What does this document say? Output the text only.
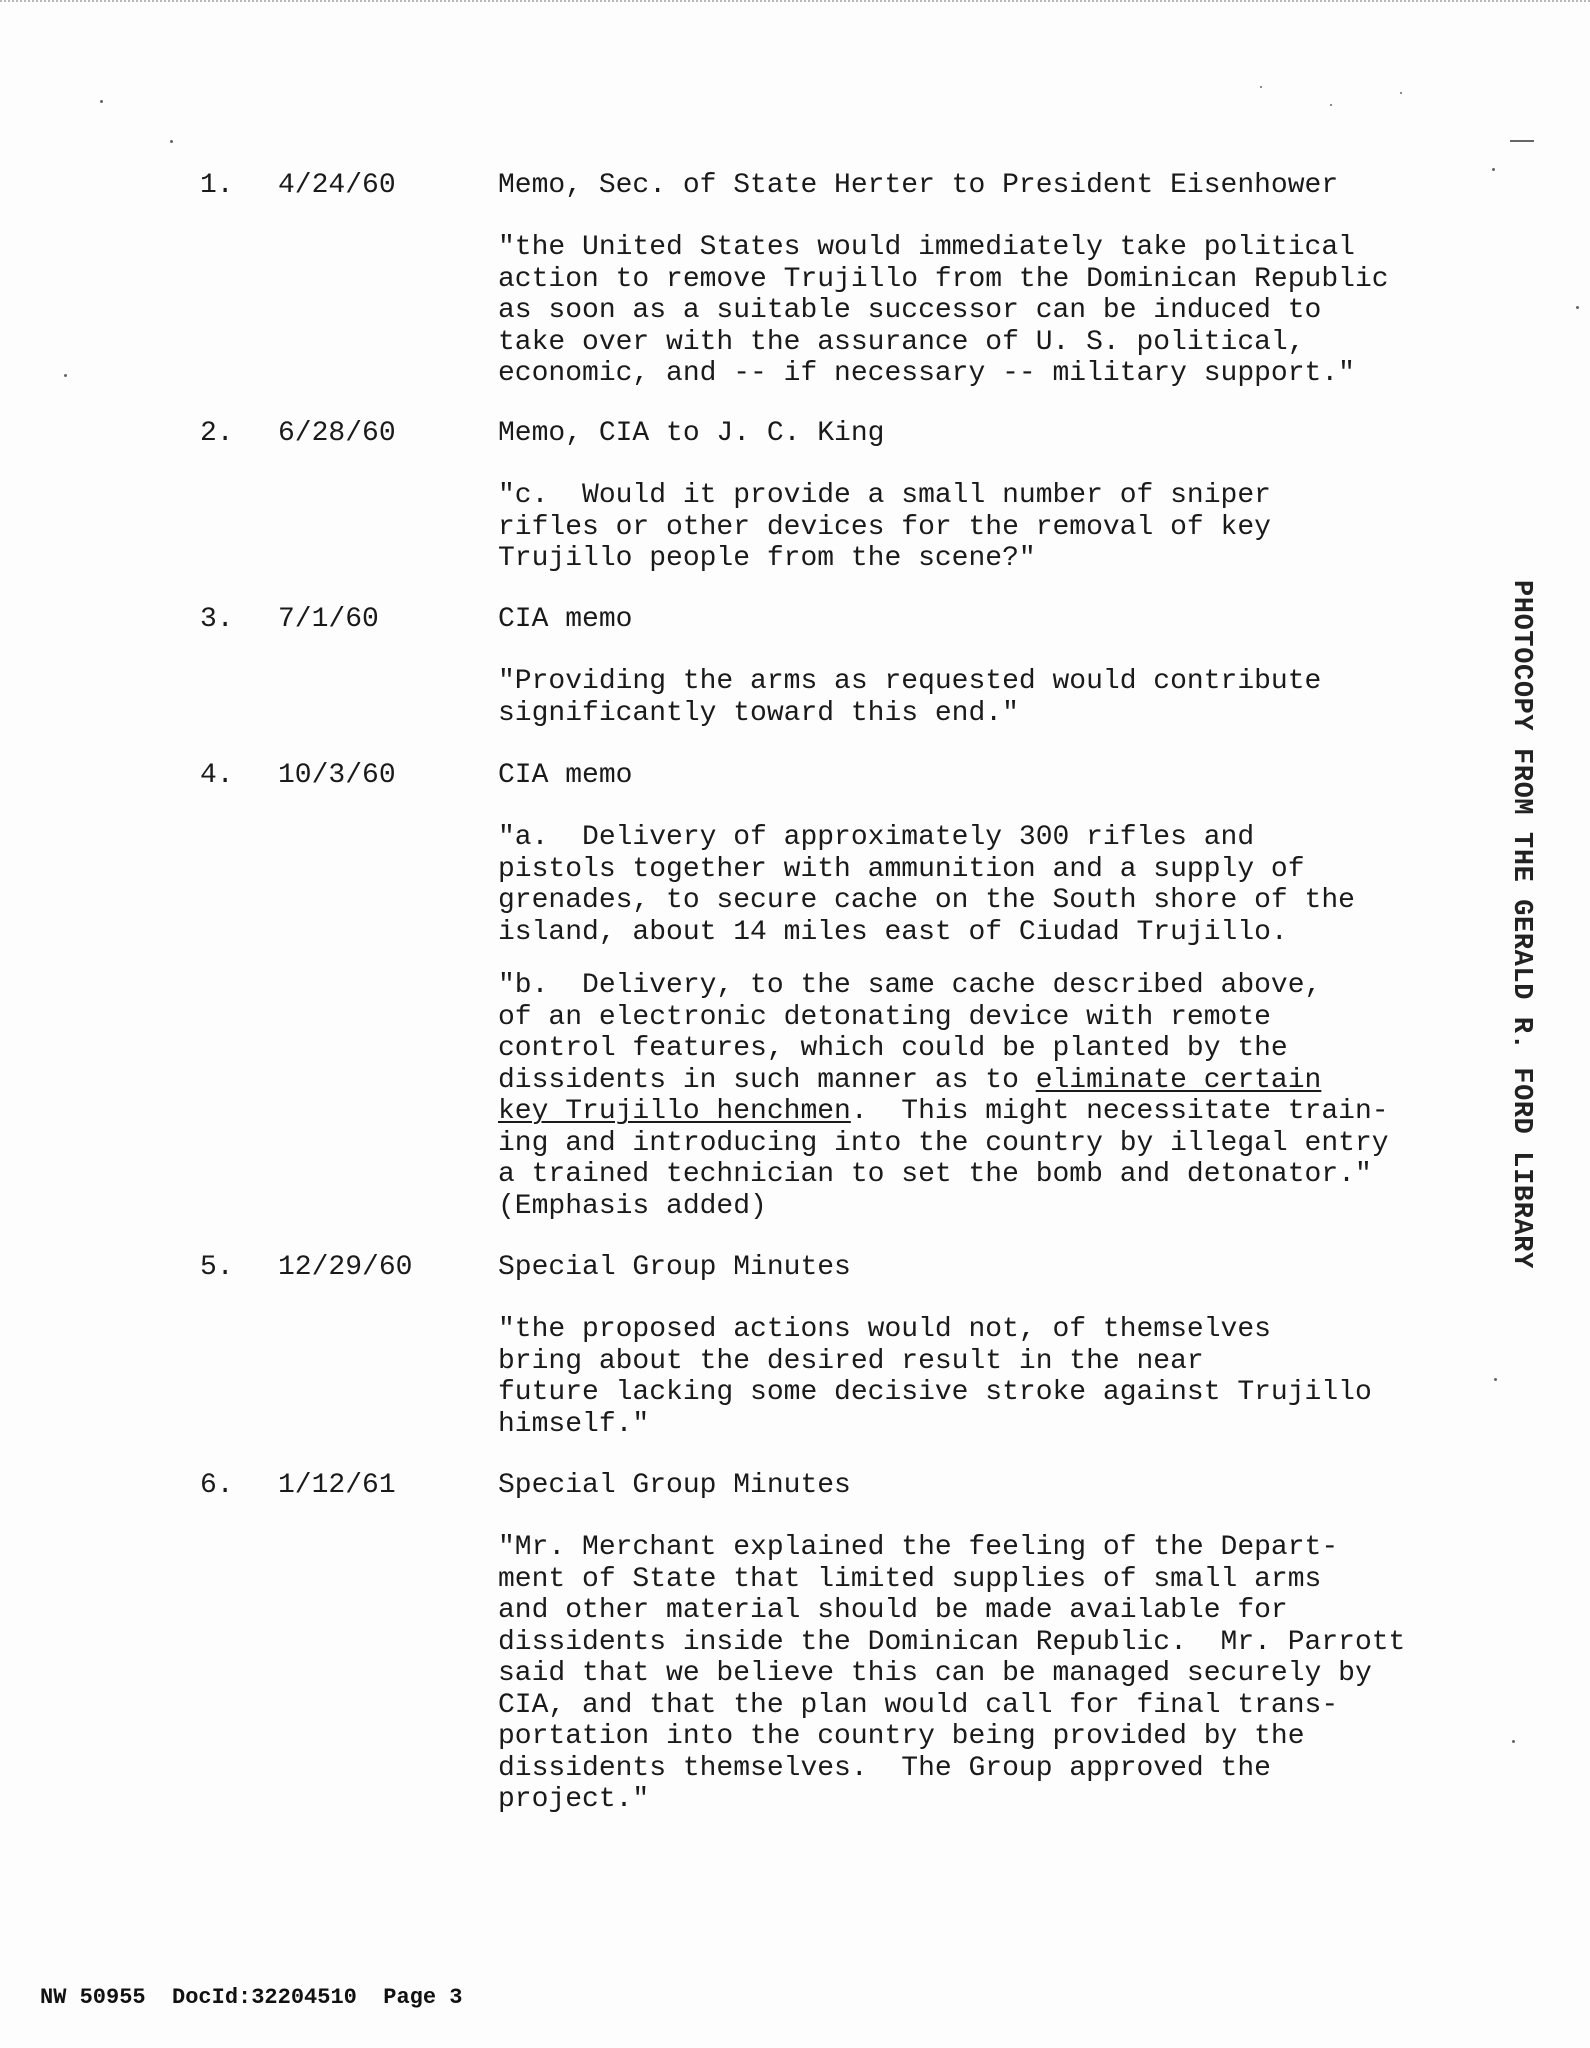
1. 4/24/60	Memo, Sec. of State Herter to President Eisenhower
"the United States would immediately take political
action to remove Trujillo from the Dominican Republic
as soon as a suitable successor can be induced to
take over with the assurance of U. S. political,
economic, and -- if necessary -- military support."
2. 6/28/60	Memo, CIA to J. C. King
"c.  Would it provide a small number of sniper
rifles or other devices for the removal of key
Trujillo people from the scene?"
3. 7/1/60	CIA memo
"Providing the arms as requested would contribute
significantly toward this end."
4. 10/3/60	CIA memo
"a.  Delivery of approximately 300 rifles and
pistols together with ammunition and a supply of
grenades, to secure cache on the South shore of the
island, about 14 miles east of Ciudad Trujillo.
"b.  Delivery, to the same cache described above,
of an electronic detonating device with remote
control features, which could be planted by the
dissidents in such manner as to eliminate certain
key Trujillo henchmen.  This might necessitate train-
ing and introducing into the country by illegal entry
a trained technician to set the bomb and detonator."
(Emphasis added)
5. 12/29/60	Special Group Minutes
"the proposed actions would not, of themselves
bring about the desired result in the near
future lacking some decisive stroke against Trujillo
himself."
6. 1/12/61	Special Group Minutes
"Mr. Merchant explained the feeling of the Depart-
ment of State that limited supplies of small arms
and other material should be made available for
dissidents inside the Dominican Republic.  Mr. Parrott
said that we believe this can be managed securely by
CIA, and that the plan would call for final trans-
portation into the country being provided by the
dissidents themselves.  The Group approved the
project."
PHOTOCOPY FROM THE GERALD R. FORD LIBRARY
NW 50955  DocId:32204510  Page 3
